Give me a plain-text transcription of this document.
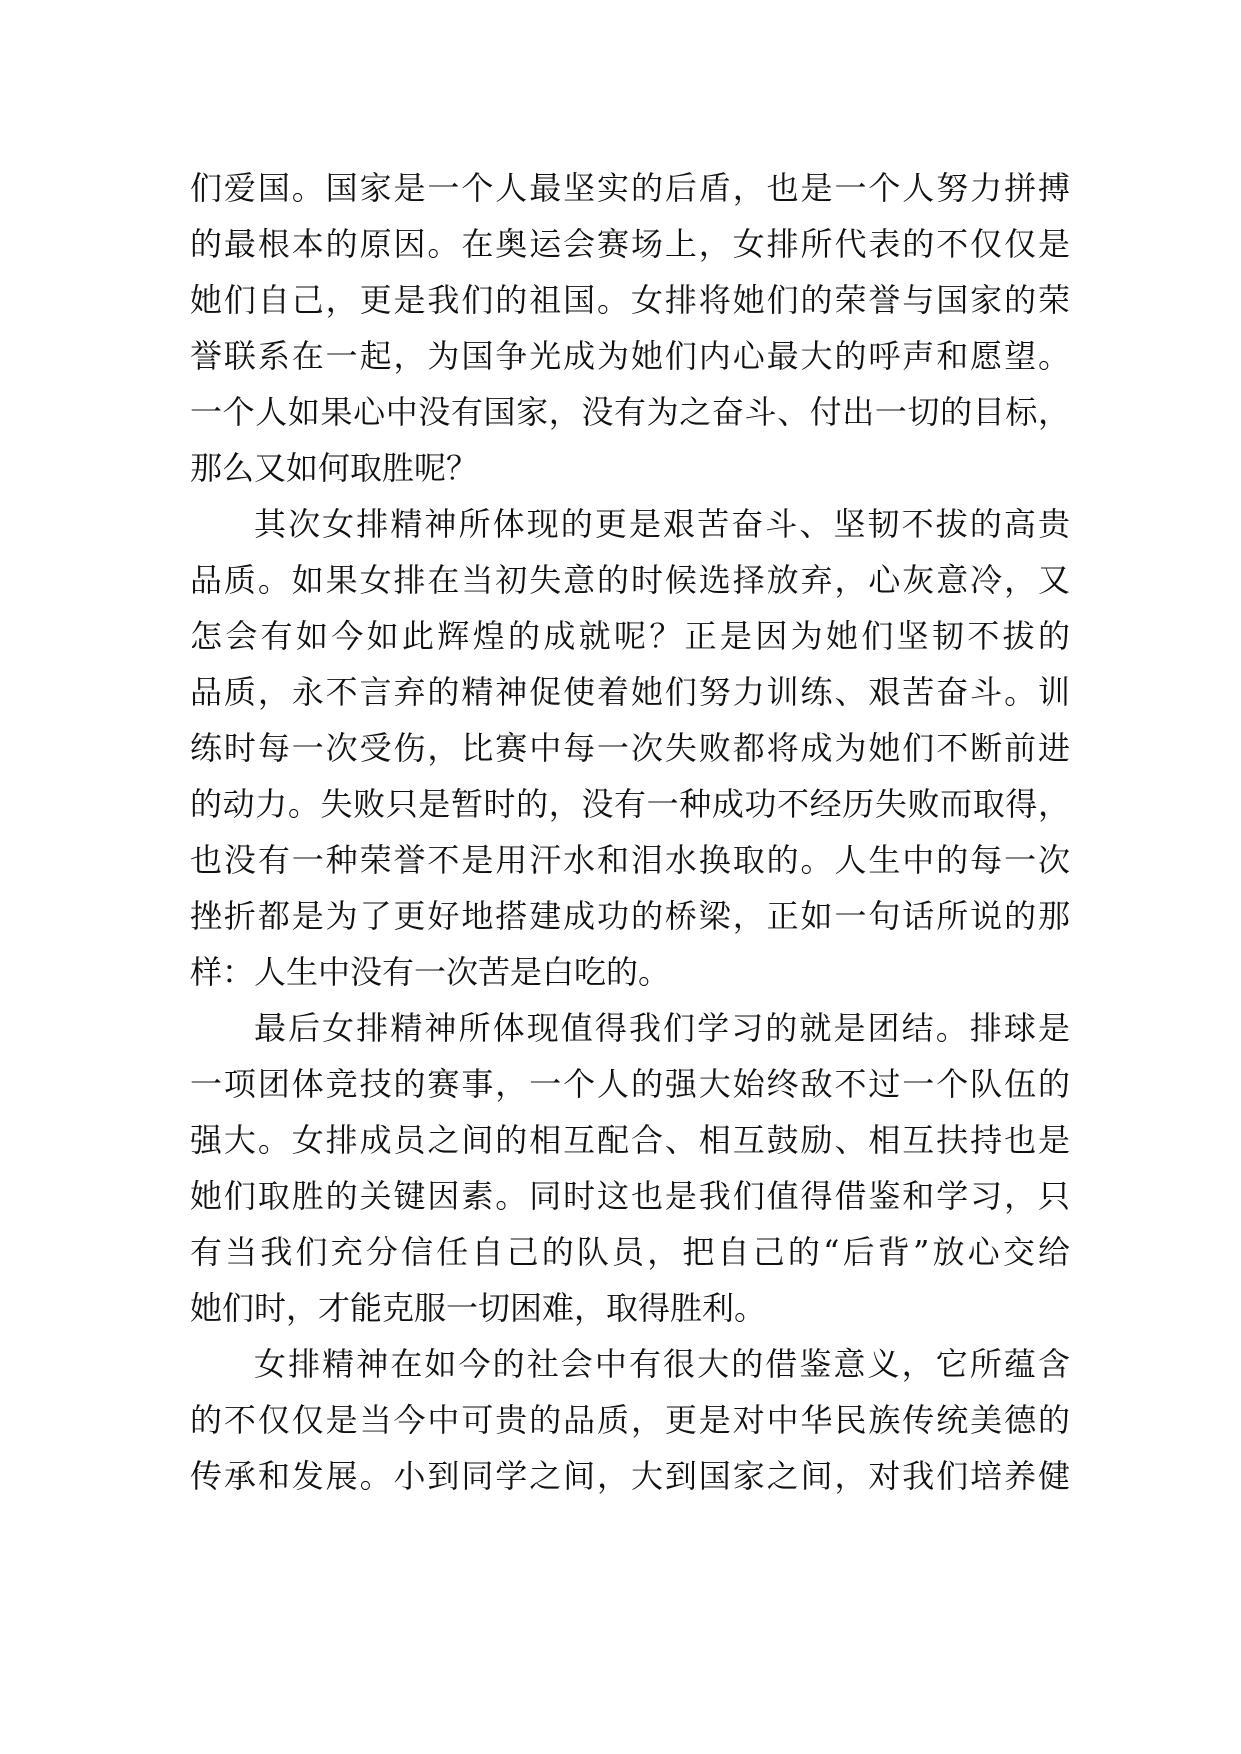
们爱国。国家是一个人最坚实的后盾，也是一个人努力拼搏
的最根本的原因。在奥运会赛场上，女排所代表的不仅仅是
她们自己，更是我们的祖国。女排将她们的荣誉与国家的荣
誉联系在一起，为国争光成为她们内心最大的呼声和愿望。
一个人如果心中没有国家，没有为之奋斗、付出一切的目标，
那么又如何取胜呢？
其次女排精神所体现的更是艰苦奋斗、坚韧不拔的高贵
品质。如果女排在当初失意的时候选择放弃，心灰意冷，又
怎会有如今如此辉煌的成就呢？正是因为她们坚韧不拔的
品质，永不言弃的精神促使着她们努力训练、艰苦奋斗。训
练时每一次受伤，比赛中每一次失败都将成为她们不断前进
的动力。失败只是暂时的，没有一种成功不经历失败而取得，
也没有一种荣誉不是用汗水和泪水换取的。人生中的每一次
挫折都是为了更好地搭建成功的桥梁，正如一句话所说的那
样：人生中没有一次苦是白吃的。
最后女排精神所体现值得我们学习的就是团结。排球是
一项团体竞技的赛事，一个人的强大始终敌不过一个队伍的
强大。女排成员之间的相互配合、相互鼓励、相互扶持也是
她们取胜的关键因素。同时这也是我们值得借鉴和学习，只
有当我们充分信任自己的队员，把自己的“后背”放心交给
她们时，才能克服一切困难，取得胜利。
女排精神在如今的社会中有很大的借鉴意义，它所蕴含
的不仅仅是当今中可贵的品质，更是对中华民族传统美德的
传承和发展。小到同学之间，大到国家之间，对我们培养健
